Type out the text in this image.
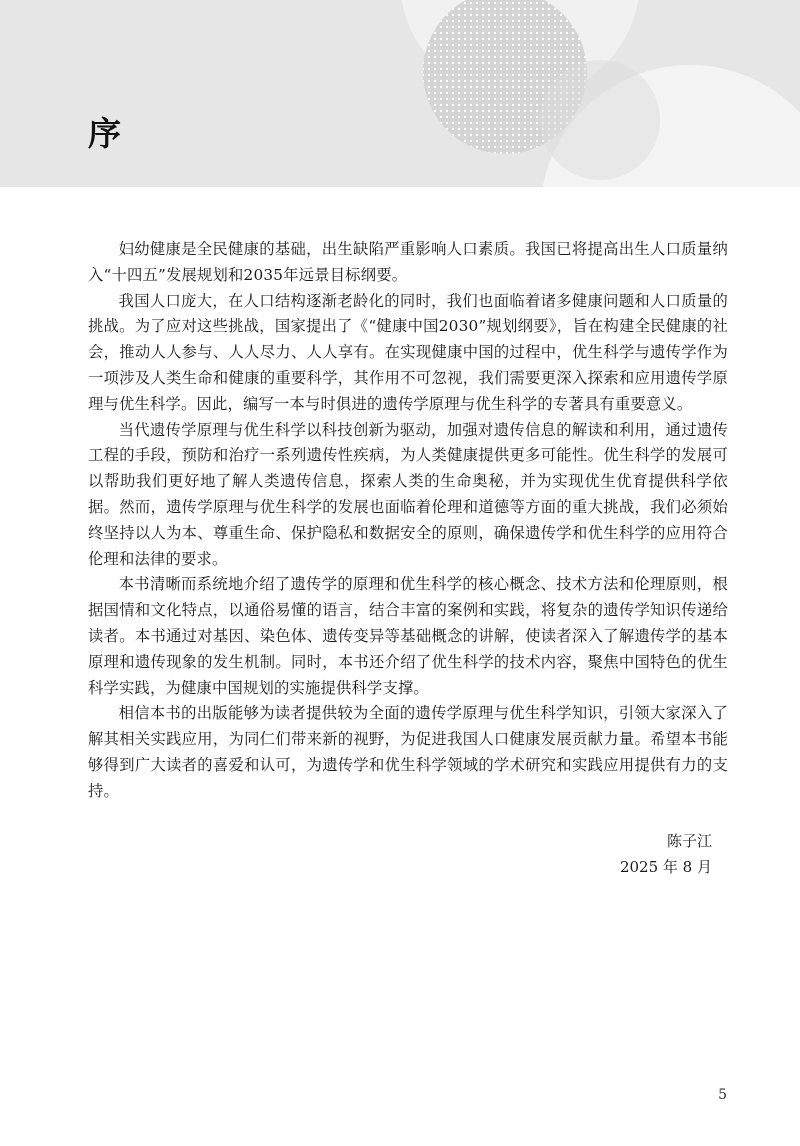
序

妇幼健康是全民健康的基础，出生缺陷严重影响人口素质。我国已将提高出生人口质量纳入“十四五”发展规划和2035年远景目标纲要。

我国人口庞大，在人口结构逐渐老龄化的同时，我们也面临着诸多健康问题和人口质量的挑战。为了应对这些挑战，国家提出了《“健康中国2030”规划纲要》，旨在构建全民健康的社会，推动人人参与、人人尽力、人人享有。在实现健康中国的过程中，优生科学与遗传学作为一项涉及人类生命和健康的重要科学，其作用不可忽视，我们需要更深入探索和应用遗传学原理与优生科学。因此，编写一本与时俱进的遗传学原理与优生科学的专著具有重要意义。

当代遗传学原理与优生科学以科技创新为驱动，加强对遗传信息的解读和利用，通过遗传工程的手段，预防和治疗一系列遗传性疾病，为人类健康提供更多可能性。优生科学的发展可以帮助我们更好地了解人类遗传信息，探索人类的生命奥秘，并为实现优生优育提供科学依据。然而，遗传学原理与优生科学的发展也面临着伦理和道德等方面的重大挑战，我们必须始终坚持以人为本、尊重生命、保护隐私和数据安全的原则，确保遗传学和优生科学的应用符合伦理和法律的要求。

本书清晰而系统地介绍了遗传学的原理和优生科学的核心概念、技术方法和伦理原则，根据国情和文化特点，以通俗易懂的语言，结合丰富的案例和实践，将复杂的遗传学知识传递给读者。本书通过对基因、染色体、遗传变异等基础概念的讲解，使读者深入了解遗传学的基本原理和遗传现象的发生机制。同时，本书还介绍了优生科学的技术内容，聚焦中国特色的优生科学实践，为健康中国规划的实施提供科学支撑。

相信本书的出版能够为读者提供较为全面的遗传学原理与优生科学知识，引领大家深入了解其相关实践应用，为同仁们带来新的视野，为促进我国人口健康发展贡献力量。希望本书能够得到广大读者的喜爱和认可，为遗传学和优生科学领域的学术研究和实践应用提供有力的支持。

陈子江
2025 年 8 月
5
